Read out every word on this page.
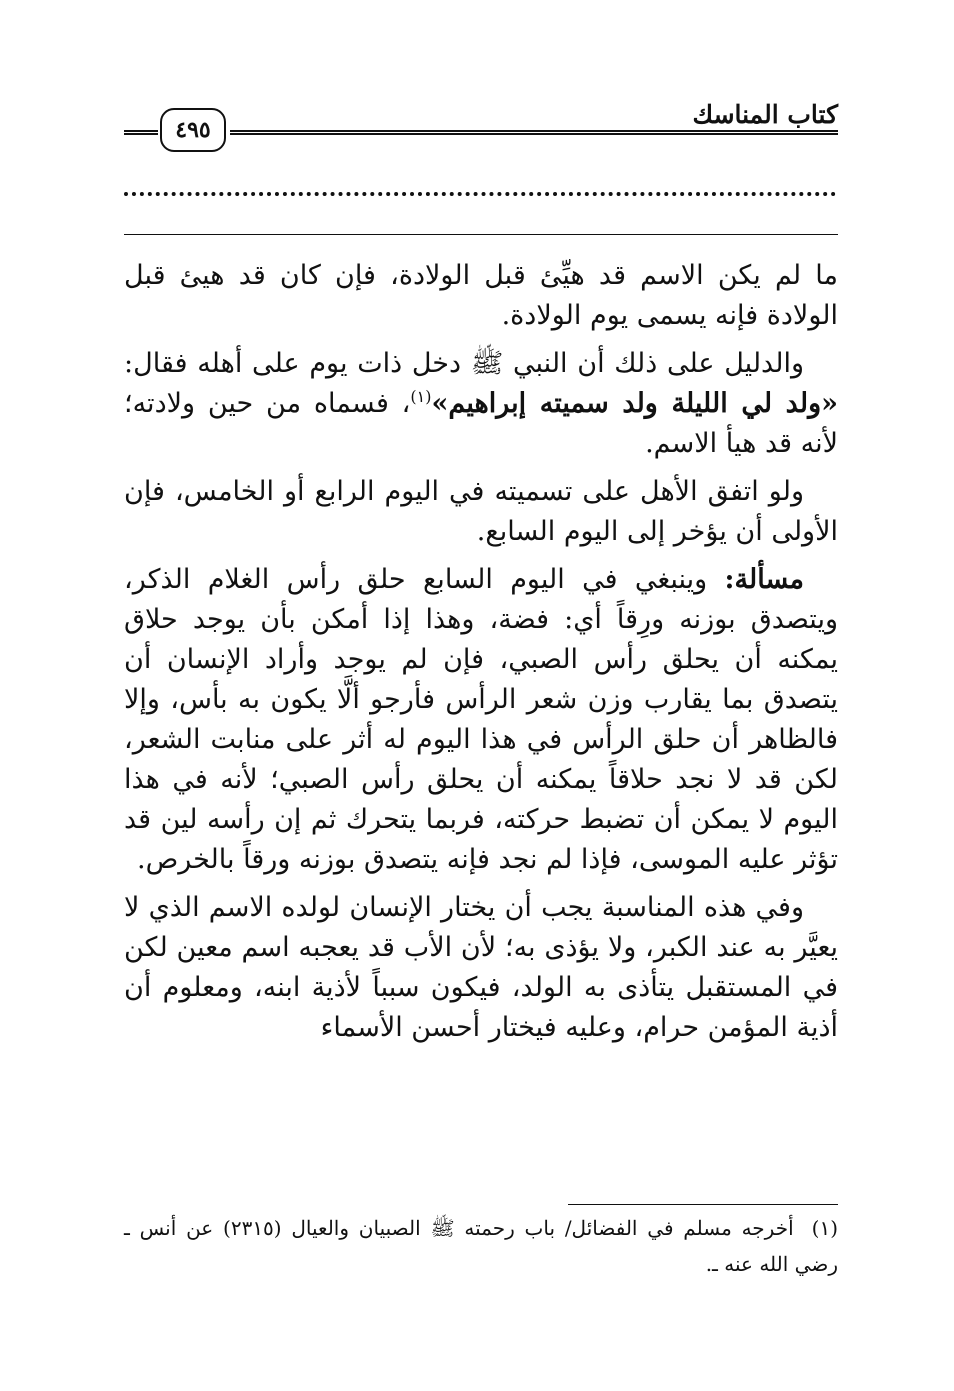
كتاب المناسك
٤٩٥

ما لم يكن الاسم قد هيِّئ قبل الولادة، فإن كان قد هيئ قبل الولادة فإنه يسمى يوم الولادة.

والدليل على ذلك أن النبي ﷺ دخل ذات يوم على أهله فقال: «ولد لي الليلة ولد سميته إبراهيم»$^{(١)}$، فسماه من حين ولادته؛ لأنه قد هيأ الاسم.

ولو اتفق الأهل على تسميته في اليوم الرابع أو الخامس، فإن الأولى أن يؤخر إلى اليوم السابع.

مسألة: وينبغي في اليوم السابع حلق رأس الغلام الذكر، ويتصدق بوزنه ورِقاً أي: فضة، وهذا إذا أمكن بأن يوجد حلاق يمكنه أن يحلق رأس الصبي، فإن لم يوجد وأراد الإنسان أن يتصدق بما يقارب وزن شعر الرأس فأرجو ألَّا يكون به بأس، وإلا فالظاهر أن حلق الرأس في هذا اليوم له أثر على منابت الشعر، لكن قد لا نجد حلاقاً يمكنه أن يحلق رأس الصبي؛ لأنه في هذا اليوم لا يمكن أن تضبط حركته، فربما يتحرك ثم إن رأسه لين قد تؤثر عليه الموسى، فإذا لم نجد فإنه يتصدق بوزنه ورقاً بالخرص.

وفي هذه المناسبة يجب أن يختار الإنسان لولده الاسم الذي لا يعيَّر به عند الكبر، ولا يؤذى به؛ لأن الأب قد يعجبه اسم معين لكن في المستقبل يتأذى به الولد، فيكون سبباً لأذية ابنه، ومعلوم أن أذية المؤمن حرام، وعليه فيختار أحسن الأسماء

(١)أخرجه مسلم في الفضائل/ باب رحمته ﷺ الصبيان والعيال (٢٣١٥) عن أنس ـ رضي الله عنه ـ.
